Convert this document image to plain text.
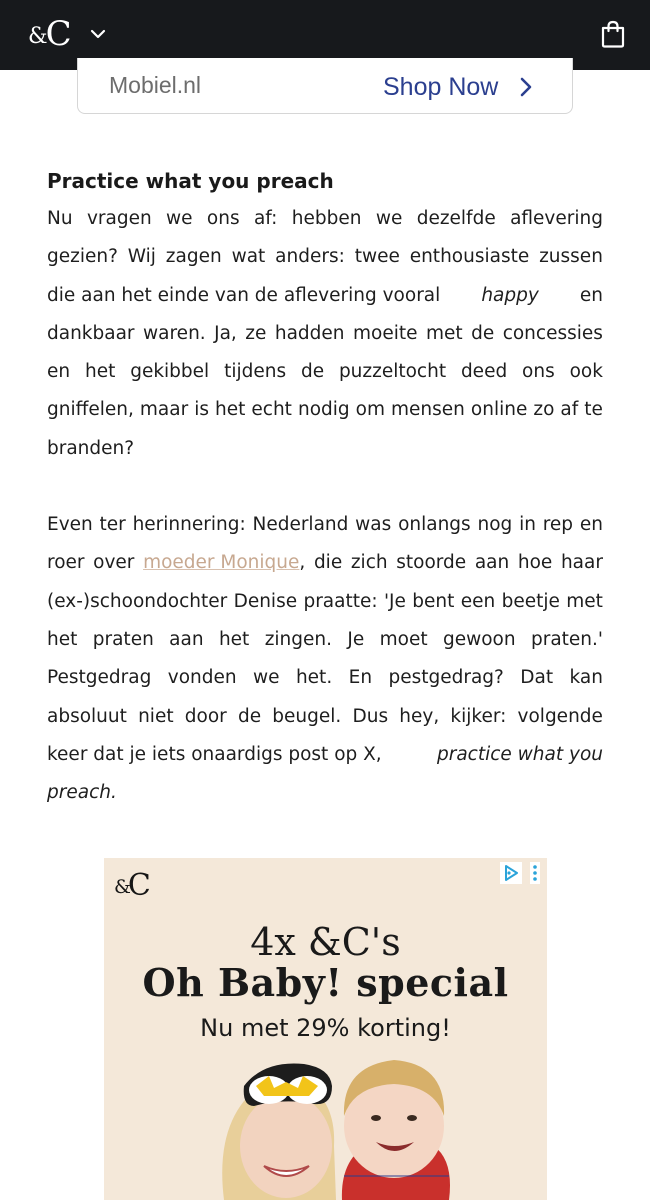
&C
Mobiel.nl	Shop Now
Practice what you preach
Nu vragen we ons af: hebben we dezelfde aflevering
gezien? Wij zagen wat anders: twee enthousiaste zussen
die aan het einde van de aflevering vooral happy en
dankbaar waren. Ja, ze hadden moeite met de concessies
en het gekibbel tijdens de puzzeltocht deed ons ook
gniffelen, maar is het echt nodig om mensen online zo af te
branden?
Even ter herinnering: Nederland was onlangs nog in rep en
roer over moeder Monique, die zich stoorde aan hoe haar
(ex-)schoondochter Denise praatte: 'Je bent een beetje met
het praten aan het zingen. Je moet gewoon praten.'
Pestgedrag vonden we het. En pestgedrag? Dat kan
absoluut niet door de beugel. Dus hey, kijker: volgende
keer dat je iets onaardigs post op X,	practice what you
preach.
&C
4x &C's
Oh Baby! special
Nu met 29% korting!
